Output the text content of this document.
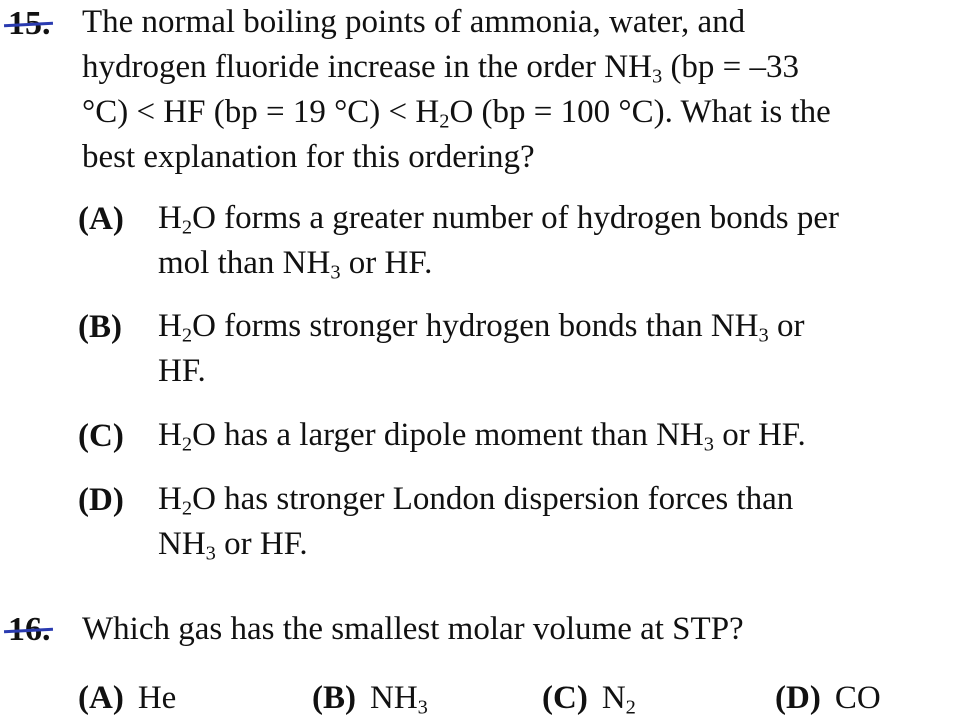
15. The normal boiling points of ammonia, water, and
hydrogen fluoride increase in the order $NH_3$ (bp = –33
°C) < HF (bp = 19 $^\circ C) < H_2O$ (bp = 100 °C). What is the
best explanation for this ordering?
(A) $H_2O$ forms a greater number of hydrogen bonds per
mol than $NH_3$ or HF.
(B) $H_2O$ forms stronger hydrogen bonds than $NH_3$ or
HF.
(C) $H_2O$ has a larger dipole moment than $NH_3$ or HF.
(D) $H_2O$ has stronger London dispersion forces than
$NH_3$ or HF.
16. Which gas has the smallest molar volume at STP?
(A) He	(B) $NH_3$	(C) $N_2$	(D) CO
